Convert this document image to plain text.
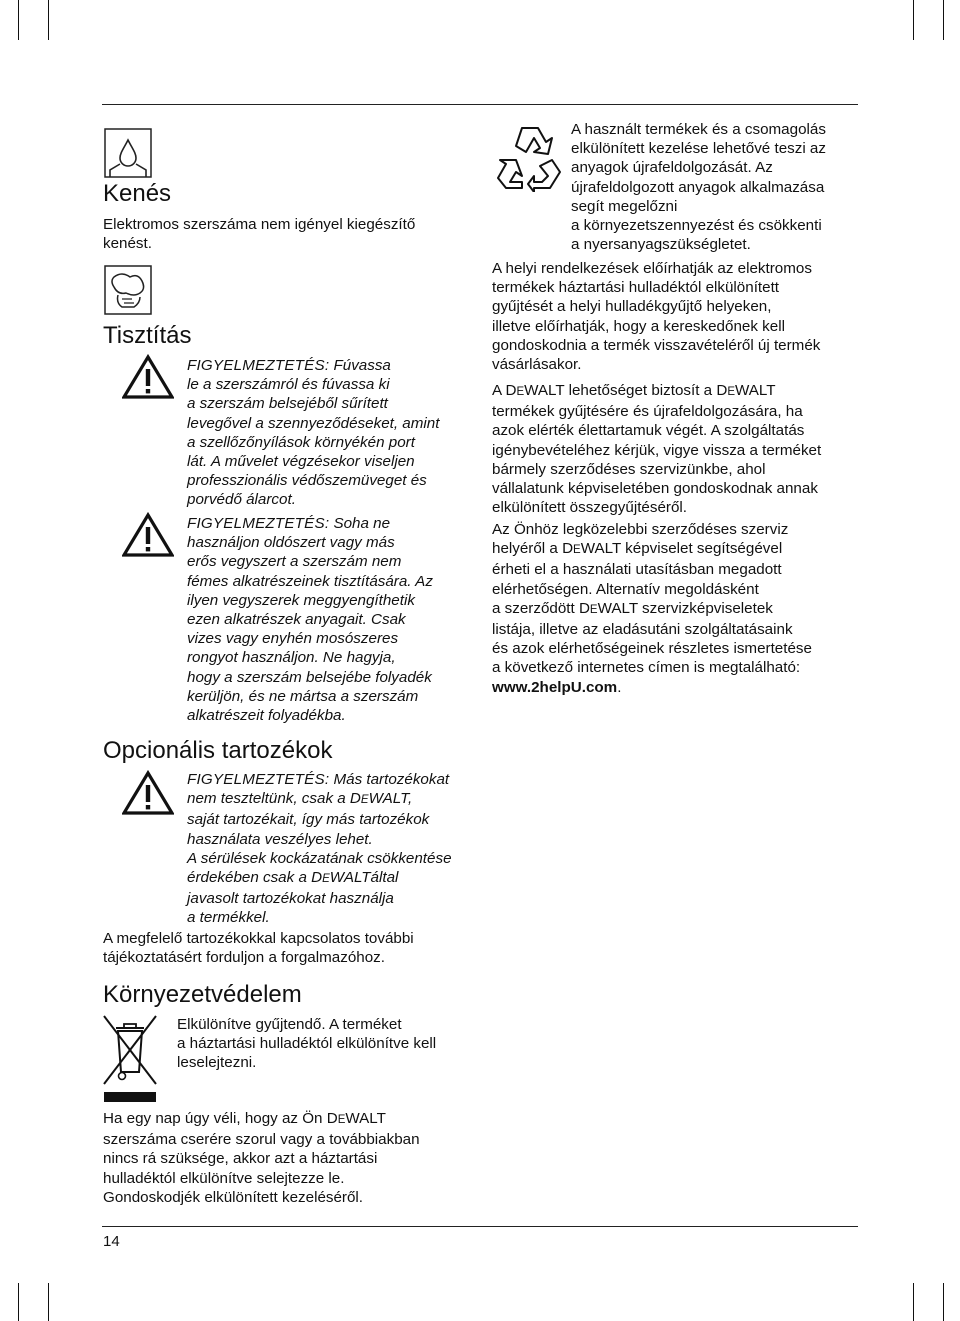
Kenés

Elektromos szerszáma nem igényel kiegészítő

kenést.

Tisztítás

FIGYELMEZTETÉS: Fúvassa

le a szerszámról és fúvassa ki

a szerszám belsejéből sűrített

levegővel a szennyeződéseket, amint

a szellőzőnyílások környékén port

lát. A művelet végzésekor viseljen

professzionális védőszemüveget és

porvédő álarcot.

FIGYELMEZTETÉS: Soha ne

használjon oldószert vagy más

erős vegyszert a szerszám nem

fémes alkatrészeinek tisztítására. Az

ilyen vegyszerek meggyengíthetik

ezen alkatrészek anyagait. Csak

vizes vagy enyhén mosószeres

rongyot használjon. Ne hagyja,

hogy a szerszám belsejébe folyadék

kerüljön, és ne mártsa a szerszám

alkatrészeit folyadékba.

Opcionális tartozékok

FIGYELMEZTETÉS: Más tartozékokat

nem teszteltünk, csak a DEWALT,

saját tartozékait, így más tartozékok

használata veszélyes lehet.

A sérülések kockázatának csökkentése

érdekében csak a DEWALTáltal

javasolt tartozékokat használja

a termékkel.

A megfelelő tartozékokkal kapcsolatos további

tájékoztatásért forduljon a forgalmazóhoz.

Környezetvédelem

Elkülönítve gyűjtendő. A terméket

a háztartási hulladéktól elkülönítve kell

leselejtezni.

Ha egy nap úgy véli, hogy az Ön DEWALT

szerszáma cserére szorul vagy a továbbiakban

nincs rá szüksége, akkor azt a háztartási

hulladéktól elkülönítve selejtezze le.

Gondoskodjék elkülönített kezeléséről.

14

A használt termékek és a csomagolás

elkülönített kezelése lehetővé teszi az

anyagok újrafeldolgozását. Az

újrafeldolgozott anyagok alkalmazása

segít megelőzni

a környezetszennyezést és csökkenti

a nyersanyagszükségletet.

A helyi rendelkezések előírhatják az elektromos

termékek háztartási hulladéktól elkülönített

gyűjtését a helyi hulladékgyűjtő helyeken,

illetve előírhatják, hogy a kereskedőnek kell

gondoskodnia a termék visszavételéről új termék

vásárlásakor.

A DEWALT lehetőséget biztosít a DEWALT

termékek gyűjtésére és újrafeldolgozására, ha

azok elérték élettartamuk végét. A szolgáltatás

igénybevételéhez kérjük, vigye vissza a terméket

bármely szerződéses szervizünkbe, ahol

vállalatunk képviseletében gondoskodnak annak

elkülönített összegyűjtéséről.

Az Önhöz legközelebbi szerződéses szerviz

helyéről a DEWALT képviselet segítségével

érheti el a használati utasításban megadott

elérhetőségen. Alternatív megoldásként

a szerződött DEWALT szervizképviseletek

listája, illetve az eladásutáni szolgáltatásaink

és azok elérhetőségeinek részletes ismertetése

a következő internetes címen is megtalálható:

www.2helpU.com.
